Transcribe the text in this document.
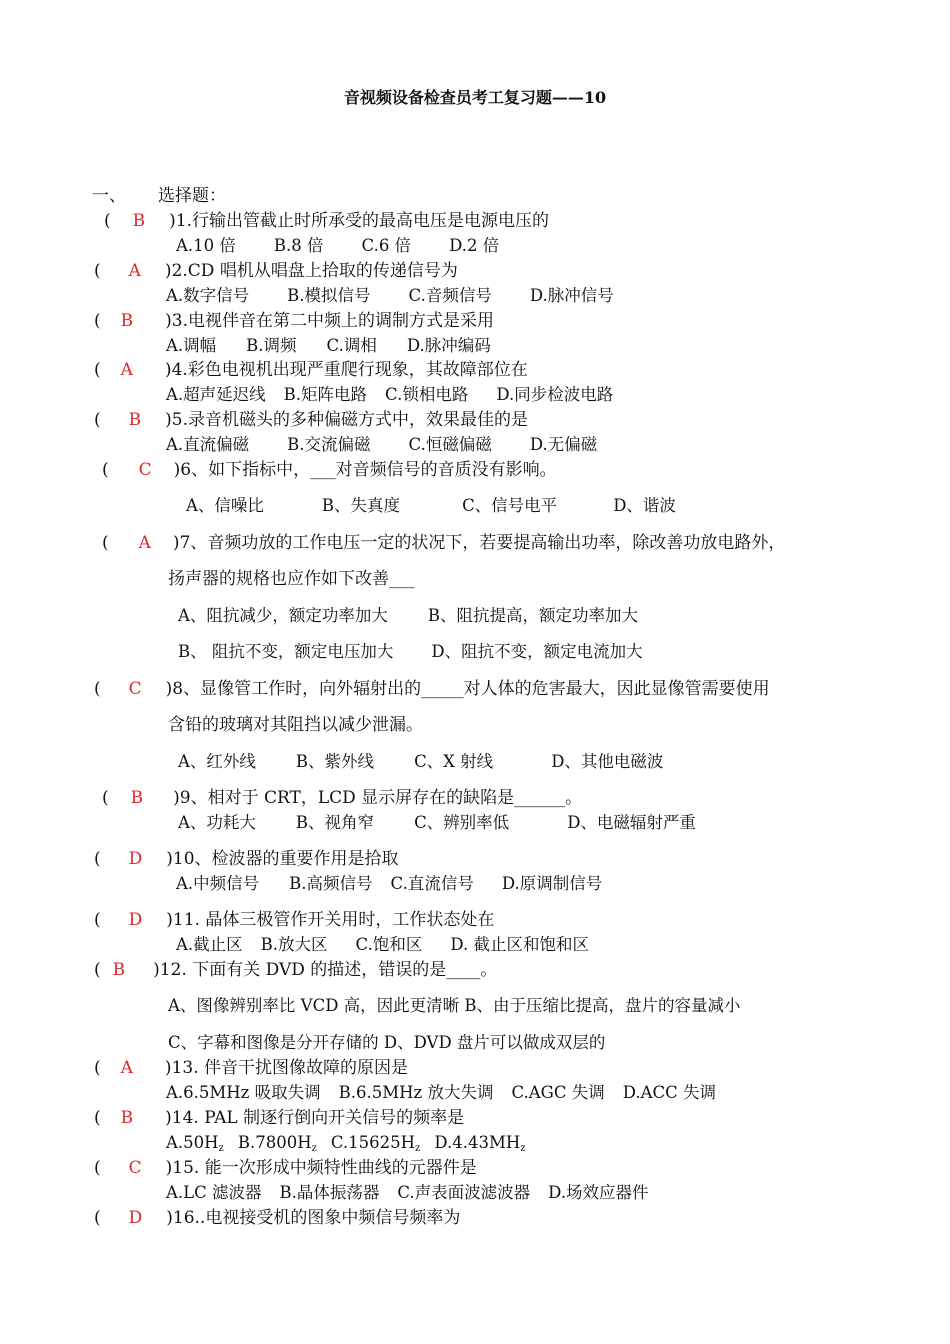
音视频设备检查员考工复习题——10
一、 选择题：
( B )1.行输出管截止时所承受的最高电压是电源电压的
A.10 倍 B.8 倍 C.6 倍 D.2 倍
( A )2.CD 唱机从唱盘上拾取的传递信号为
A.数字信号 B.模拟信号 C.音频信号 D.脉冲信号
( B )3.电视伴音在第二中频上的调制方式是采用
A.调幅 B.调频 C.调相 D.脉冲编码
( A )4.彩色电视机出现严重爬行现象，其故障部位在
A.超声延迟线 B.矩阵电路 C.锁相电路 D.同步检波电路
( B )5.录音机磁头的多种偏磁方式中，效果最佳的是
A.直流偏磁 B.交流偏磁 C.恒磁偏磁 D.无偏磁
( C )6、如下指标中，___对音频信号的音质没有影响。
A、信噪比	B、失真度	C、信号电平	D、谐波
( A )7、音频功放的工作电压一定的状况下，若要提高输出功率，除改善功放电路外，
扬声器的规格也应作如下改善___
A、阻抗减少，额定功率加大 B、阻抗提高，额定功率加大
B、 阻抗不变，额定电压加大 D、阻抗不变，额定电流加大
( C )8、显像管工作时，向外辐射出的_____对人体的危害最大，因此显像管需要使用
含铅的玻璃对其阻挡以减少泄漏。
A、红外线 B、紫外线 C、X 射线	D、其他电磁波
( B )9、相对于 CRT，LCD 显示屏存在的缺陷是______。
A、功耗大 B、视角窄 C、辨别率低	D、电磁辐射严重
( D )10、检波器的重要作用是拾取
A.中频信号 B.高频信号 C.直流信号 D.原调制信号
( D )11. 晶体三极管作开关用时，工作状态处在
A.截止区 B.放大区 C.饱和区 D. 截止区和饱和区
( B )12. 下面有关 DVD 的描述，错误的是____。
A、图像辨别率比 VCD 高，因此更清晰 B、由于压缩比提高，盘片的容量减小
C、字幕和图像是分开存储的 D、DVD 盘片可以做成双层的
( A )13. 伴音干扰图像故障的原因是
A.6.5MHz 吸取失调 B.6.5MHz 放大失调 C.AGC 失调 D.ACC 失调
( B )14. PAL 制逐行倒向开关信号的频率是
$A.50H_z$ $B.7800H_z$ $C.15625H_z$ $D.4.43MH_z$
( C )15. 能一次形成中频特性曲线的元器件是
A.LC 滤波器 B.晶体振荡器 C.声表面波滤波器 D.场效应器件
( D )16..电视接受机的图象中频信号频率为
